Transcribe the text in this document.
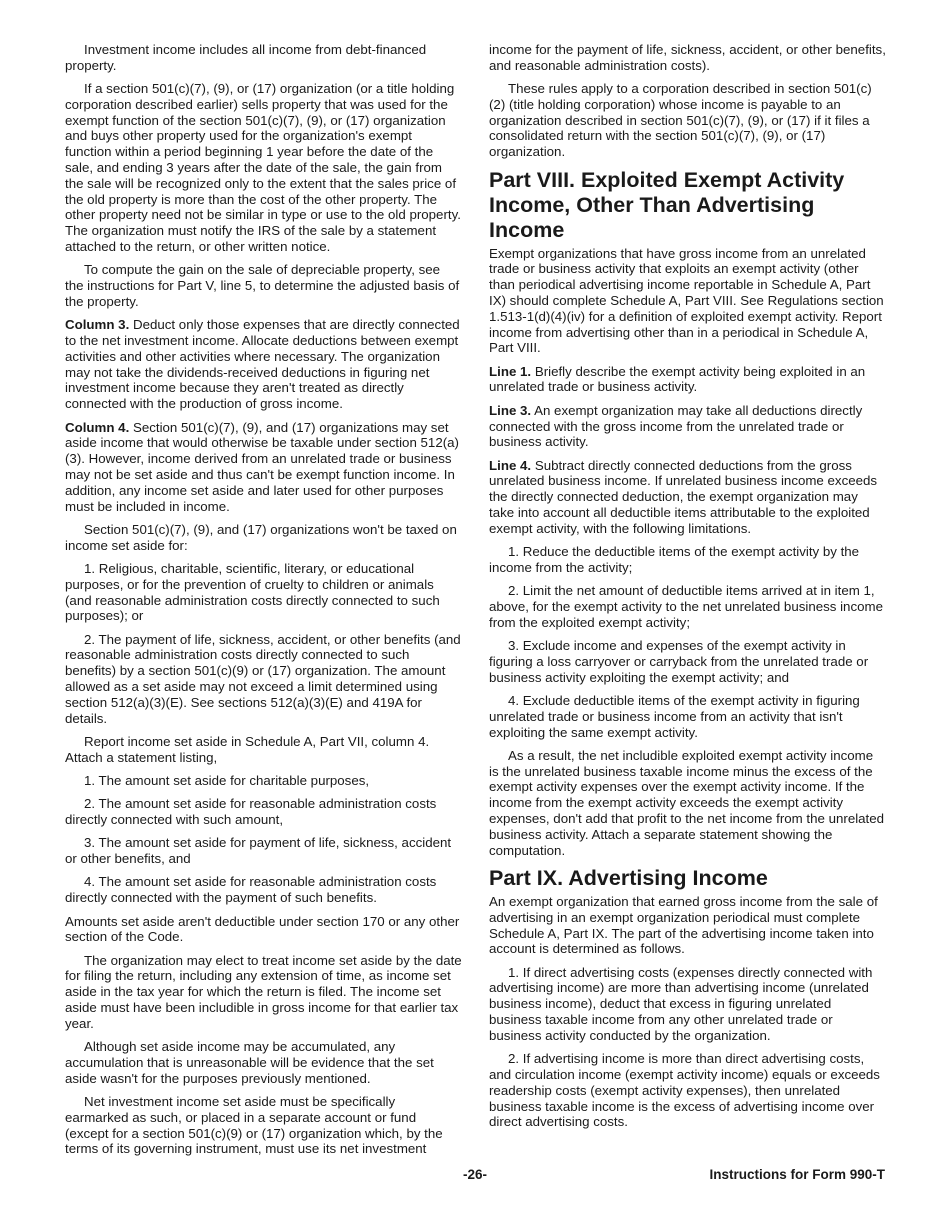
Investment income includes all income from debt-financed property.

If a section 501(c)(7), (9), or (17) organization (or a title holding corporation described earlier) sells property that was used for the exempt function of the section 501(c)(7), (9), or (17) organization and buys other property used for the organization's exempt function within a period beginning 1 year before the date of the sale, and ending 3 years after the date of the sale, the gain from the sale will be recognized only to the extent that the sales price of the old property is more than the cost of the other property. The other property need not be similar in type or use to the old property. The organization must notify the IRS of the sale by a statement attached to the return, or other written notice.

To compute the gain on the sale of depreciable property, see the instructions for Part V, line 5, to determine the adjusted basis of the property.

Column 3. Deduct only those expenses that are directly connected to the net investment income. Allocate deductions between exempt activities and other activities where necessary. The organization may not take the dividends-received deductions in figuring net investment income because they aren't treated as directly connected with the production of gross income.

Column 4. Section 501(c)(7), (9), and (17) organizations may set aside income that would otherwise be taxable under section 512(a)(3). However, income derived from an unrelated trade or business may not be set aside and thus can't be exempt function income. In addition, any income set aside and later used for other purposes must be included in income.

Section 501(c)(7), (9), and (17) organizations won't be taxed on income set aside for:

1. Religious, charitable, scientific, literary, or educational purposes, or for the prevention of cruelty to children or animals (and reasonable administration costs directly connected to such purposes); or

2. The payment of life, sickness, accident, or other benefits (and reasonable administration costs directly connected to such benefits) by a section 501(c)(9) or (17) organization. The amount allowed as a set aside may not exceed a limit determined using section 512(a)(3)(E). See sections 512(a)(3)(E) and 419A for details.

Report income set aside in Schedule A, Part VII, column 4. Attach a statement listing,

1. The amount set aside for charitable purposes,

2. The amount set aside for reasonable administration costs directly connected with such amount,

3. The amount set aside for payment of life, sickness, accident or other benefits, and

4. The amount set aside for reasonable administration costs directly connected with the payment of such benefits.

Amounts set aside aren't deductible under section 170 or any other section of the Code.

The organization may elect to treat income set aside by the date for filing the return, including any extension of time, as income set aside in the tax year for which the return is filed. The income set aside must have been includible in gross income for that earlier tax year.

Although set aside income may be accumulated, any accumulation that is unreasonable will be evidence that the set aside wasn't for the purposes previously mentioned.

Net investment income set aside must be specifically earmarked as such, or placed in a separate account or fund (except for a section 501(c)(9) or (17) organization which, by the terms of its governing instrument, must use its net investment

income for the payment of life, sickness, accident, or other benefits, and reasonable administration costs).

These rules apply to a corporation described in section 501(c)(2) (title holding corporation) whose income is payable to an organization described in section 501(c)(7), (9), or (17) if it files a consolidated return with the section 501(c)(7), (9), or (17) organization.

Part VIII. Exploited Exempt Activity Income, Other Than Advertising Income

Exempt organizations that have gross income from an unrelated trade or business activity that exploits an exempt activity (other than periodical advertising income reportable in Schedule A, Part IX) should complete Schedule A, Part VIII. See Regulations section 1.513-1(d)(4)(iv) for a definition of exploited exempt activity. Report income from advertising other than in a periodical in Schedule A, Part VIII.

Line 1. Briefly describe the exempt activity being exploited in an unrelated trade or business activity.

Line 3. An exempt organization may take all deductions directly connected with the gross income from the unrelated trade or business activity.

Line 4. Subtract directly connected deductions from the gross unrelated business income. If unrelated business income exceeds the directly connected deduction, the exempt organization may take into account all deductible items attributable to the exploited exempt activity, with the following limitations.

1. Reduce the deductible items of the exempt activity by the income from the activity;

2. Limit the net amount of deductible items arrived at in item 1, above, for the exempt activity to the net unrelated business income from the exploited exempt activity;

3. Exclude income and expenses of the exempt activity in figuring a loss carryover or carryback from the unrelated trade or business activity exploiting the exempt activity; and

4. Exclude deductible items of the exempt activity in figuring unrelated trade or business income from an activity that isn't exploiting the same exempt activity.

As a result, the net includible exploited exempt activity income is the unrelated business taxable income minus the excess of the exempt activity expenses over the exempt activity income. If the income from the exempt activity exceeds the exempt activity expenses, don't add that profit to the net income from the unrelated business activity. Attach a separate statement showing the computation.

Part IX. Advertising Income

An exempt organization that earned gross income from the sale of advertising in an exempt organization periodical must complete Schedule A, Part IX. The part of the advertising income taken into account is determined as follows.

1. If direct advertising costs (expenses directly connected with advertising income) are more than advertising income (unrelated business income), deduct that excess in figuring unrelated business taxable income from any other unrelated trade or business activity conducted by the organization.

2. If advertising income is more than direct advertising costs, and circulation income (exempt activity income) equals or exceeds readership costs (exempt activity expenses), then unrelated business taxable income is the excess of advertising income over direct advertising costs.

-26-	Instructions for Form 990-T
